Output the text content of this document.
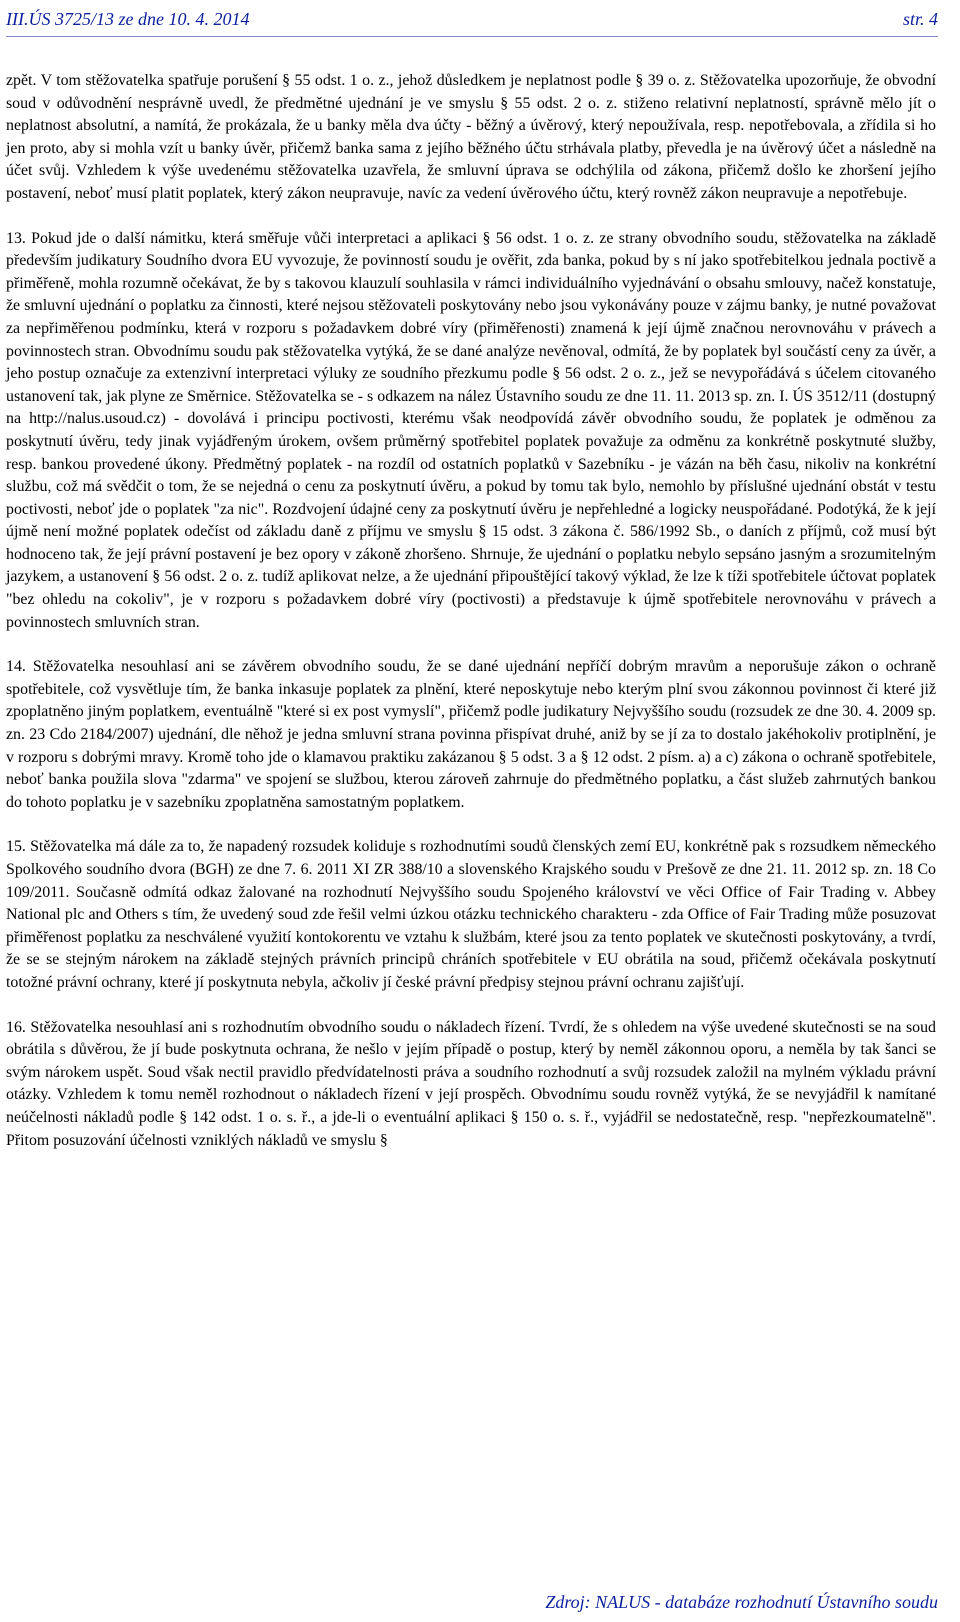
III.ÚS 3725/13 ze dne 10. 4. 2014	str. 4

zpět. V tom stěžovatelka spatřuje porušení § 55 odst. 1 o. z., jehož důsledkem je neplatnost podle § 39 o. z. Stěžovatelka upozorňuje, že obvodní soud v odůvodnění nesprávně uvedl, že předmětné ujednání je ve smyslu § 55 odst. 2 o. z. stiženo relativní neplatností, správně mělo jít o neplatnost absolutní, a namítá, že prokázala, že u banky měla dva účty - běžný a úvěrový, který nepoužívala, resp. nepotřebovala, a zřídila si ho jen proto, aby si mohla vzít u banky úvěr, přičemž banka sama z jejího běžného účtu strhávala platby, převedla je na úvěrový účet a následně na účet svůj. Vzhledem k výše uvedenému stěžovatelka uzavřela, že smluvní úprava se odchýlila od zákona, přičemž došlo ke zhoršení jejího postavení, neboť musí platit poplatek, který zákon neupravuje, navíc za vedení úvěrového účtu, který rovněž zákon neupravuje a nepotřebuje.

13. Pokud jde o další námitku, která směřuje vůči interpretaci a aplikaci § 56 odst. 1 o. z. ze strany obvodního soudu, stěžovatelka na základě především judikatury Soudního dvora EU vyvozuje, že povinností soudu je ověřit, zda banka, pokud by s ní jako spotřebitelkou jednala poctivě a přiměřeně, mohla rozumně očekávat, že by s takovou klauzulí souhlasila v rámci individuálního vyjednávání o obsahu smlouvy, načež konstatuje, že smluvní ujednání o poplatku za činnosti, které nejsou stěžovateli poskytovány nebo jsou vykonávány pouze v zájmu banky, je nutné považovat za nepřiměřenou podmínku, která v rozporu s požadavkem dobré víry (přiměřenosti) znamená k její újmě značnou nerovnováhu v právech a povinnostech stran. Obvodnímu soudu pak stěžovatelka vytýká, že se dané analýze nevěnoval, odmítá, že by poplatek byl součástí ceny za úvěr, a jeho postup označuje za extenzivní interpretaci výluky ze soudního přezkumu podle § 56 odst. 2 o. z., jež se nevypořádává s účelem citovaného ustanovení tak, jak plyne ze Směrnice. Stěžovatelka se - s odkazem na nález Ústavního soudu ze dne 11. 11. 2013 sp. zn. I. ÚS 3512/11 (dostupný na http://nalus.usoud.cz) - dovolává i principu poctivosti, kterému však neodpovídá závěr obvodního soudu, že poplatek je odměnou za poskytnutí úvěru, tedy jinak vyjádřeným úrokem, ovšem průměrný spotřebitel poplatek považuje za odměnu za konkrétně poskytnuté služby, resp. bankou provedené úkony. Předmětný poplatek - na rozdíl od ostatních poplatků v Sazebníku - je vázán na běh času, nikoliv na konkrétní službu, což má svědčit o tom, že se nejedná o cenu za poskytnutí úvěru, a pokud by tomu tak bylo, nemohlo by příslušné ujednání obstát v testu poctivosti, neboť jde o poplatek "za nic". Rozdvojení údajné ceny za poskytnutí úvěru je nepřehledné a logicky neuspořádané. Podotýká, že k její újmě není možné poplatek odečíst od základu daně z příjmu ve smyslu § 15 odst. 3 zákona č. 586/1992 Sb., o daních z příjmů, což musí být hodnoceno tak, že její právní postavení je bez opory v zákoně zhoršeno. Shrnuje, že ujednání o poplatku nebylo sepsáno jasným a srozumitelným jazykem, a ustanovení § 56 odst. 2 o. z. tudíž aplikovat nelze, a že ujednání připouštějící takový výklad, že lze k tíži spotřebitele účtovat poplatek "bez ohledu na cokoliv", je v rozporu s požadavkem dobré víry (poctivosti) a představuje k újmě spotřebitele nerovnováhu v právech a povinnostech smluvních stran.

14. Stěžovatelka nesouhlasí ani se závěrem obvodního soudu, že se dané ujednání nepříčí dobrým mravům a neporušuje zákon o ochraně spotřebitele, což vysvětluje tím, že banka inkasuje poplatek za plnění, které neposkytuje nebo kterým plní svou zákonnou povinnost či které již zpoplatněno jiným poplatkem, eventuálně "které si ex post vymyslí", přičemž podle judikatury Nejvyššího soudu (rozsudek ze dne 30. 4. 2009 sp. zn. 23 Cdo 2184/2007) ujednání, dle něhož je jedna smluvní strana povinna přispívat druhé, aniž by se jí za to dostalo jakéhokoliv protiplnění, je v rozporu s dobrými mravy. Kromě toho jde o klamavou praktiku zakázanou § 5 odst. 3 a § 12 odst. 2 písm. a) a c) zákona o ochraně spotřebitele, neboť banka použila slova "zdarma" ve spojení se službou, kterou zároveň zahrnuje do předmětného poplatku, a část služeb zahrnutých bankou do tohoto poplatku je v sazebníku zpoplatněna samostatným poplatkem.

15. Stěžovatelka má dále za to, že napadený rozsudek koliduje s rozhodnutími soudů členských zemí EU, konkrétně pak s rozsudkem německého Spolkového soudního dvora (BGH) ze dne 7. 6. 2011 XI ZR 388/10 a slovenského Krajského soudu v Prešově ze dne 21. 11. 2012 sp. zn. 18 Co 109/2011. Současně odmítá odkaz žalované na rozhodnutí Nejvyššího soudu Spojeného království ve věci Office of Fair Trading v. Abbey National plc and Others s tím, že uvedený soud zde řešil velmi úzkou otázku technického charakteru - zda Office of Fair Trading může posuzovat přiměřenost poplatku za neschválené využití kontokorentu ve vztahu k službám, které jsou za tento poplatek ve skutečnosti poskytovány, a tvrdí, že se se stejným nárokem na základě stejných právních principů chráních spotřebitele v EU obrátila na soud, přičemž očekávala poskytnutí totožné právní ochrany, které jí poskytnuta nebyla, ačkoliv jí české právní předpisy stejnou právní ochranu zajišťují.

16. Stěžovatelka nesouhlasí ani s rozhodnutím obvodního soudu o nákladech řízení. Tvrdí, že s ohledem na výše uvedené skutečnosti se na soud obrátila s důvěrou, že jí bude poskytnuta ochrana, že nešlo v jejím případě o postup, který by neměl zákonnou oporu, a neměla by tak šanci se svým nárokem uspět. Soud však nectil pravidlo předvídatelnosti práva a soudního rozhodnutí a svůj rozsudek založil na mylném výkladu právní otázky. Vzhledem k tomu neměl rozhodnout o nákladech řízení v její prospěch. Obvodnímu soudu rovněž vytýká, že se nevyjádřil k namítané neúčelnosti nákladů podle § 142 odst. 1 o. s. ř., a jde-li o eventuální aplikaci § 150 o. s. ř., vyjádřil se nedostatečně, resp. "nepřezkoumatelně". Přitom posuzování účelnosti vzniklých nákladů ve smyslu §

Zdroj: NALUS - databáze rozhodnutí Ústavního soudu
